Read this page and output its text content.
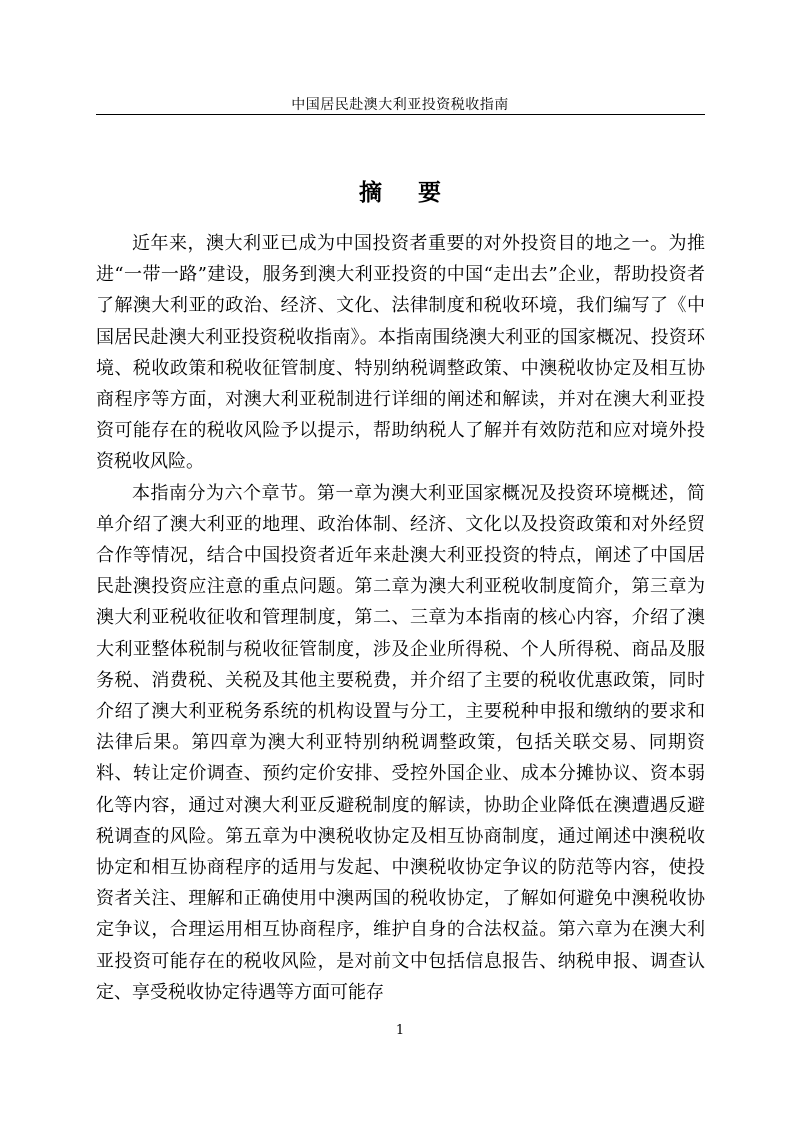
中国居民赴澳大利亚投资税收指南
摘 要

近年来，澳大利亚已成为中国投资者重要的对外投资目的地之一。为推进“一带一路”建设，服务到澳大利亚投资的中国“走出去”企业，帮助投资者了解澳大利亚的政治、经济、文化、法律制度和税收环境，我们编写了《中国居民赴澳大利亚投资税收指南》。本指南围绕澳大利亚的国家概况、投资环境、税收政策和税收征管制度、特别纳税调整政策、中澳税收协定及相互协商程序等方面，对澳大利亚税制进行详细的阐述和解读，并对在澳大利亚投资可能存在的税收风险予以提示，帮助纳税人了解并有效防范和应对境外投资税收风险。

本指南分为六个章节。第一章为澳大利亚国家概况及投资环境概述，简单介绍了澳大利亚的地理、政治体制、经济、文化以及投资政策和对外经贸合作等情况，结合中国投资者近年来赴澳大利亚投资的特点，阐述了中国居民赴澳投资应注意的重点问题。第二章为澳大利亚税收制度简介，第三章为澳大利亚税收征收和管理制度，第二、三章为本指南的核心内容，介绍了澳大利亚整体税制与税收征管制度，涉及企业所得税、个人所得税、商品及服务税、消费税、关税及其他主要税费，并介绍了主要的税收优惠政策，同时介绍了澳大利亚税务系统的机构设置与分工，主要税种申报和缴纳的要求和法律后果。第四章为澳大利亚特别纳税调整政策，包括关联交易、同期资料、转让定价调查、预约定价安排、受控外国企业、成本分摊协议、资本弱化等内容，通过对澳大利亚反避税制度的解读，协助企业降低在澳遭遇反避税调查的风险。第五章为中澳税收协定及相互协商制度，通过阐述中澳税收协定和相互协商程序的适用与发起、中澳税收协定争议的防范等内容，使投资者关注、理解和正确使用中澳两国的税收协定，了解如何避免中澳税收协定争议，合理运用相互协商程序，维护自身的合法权益。第六章为在澳大利亚投资可能存在的税收风险，是对前文中包括信息报告、纳税申报、调查认定、享受税收协定待遇等方面可能存

1
